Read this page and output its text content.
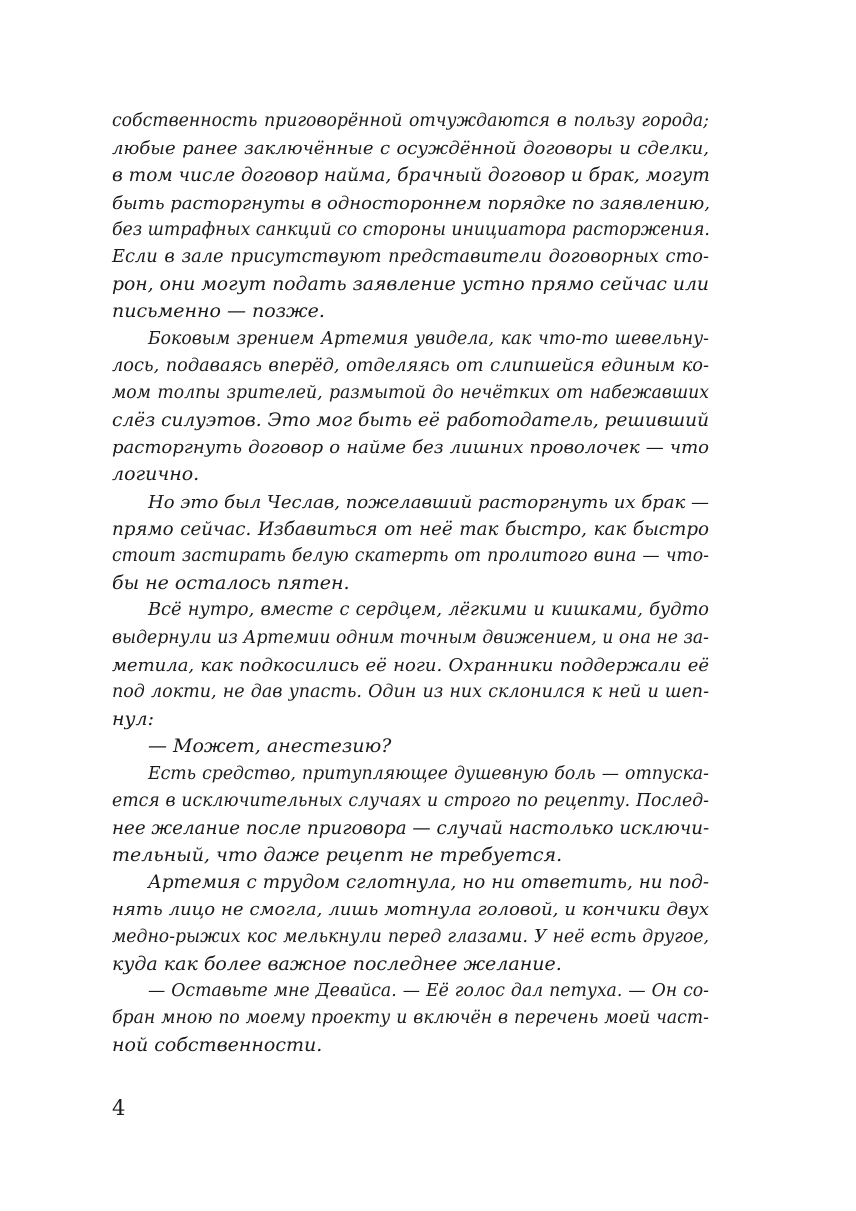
собственность приговорённой отчуждаются в пользу города;
любые ранее заключённые с осуждённой договоры и сделки,
в том числе договор найма, брачный договор и брак, могут
быть расторгнуты в одностороннем порядке по заявлению,
без штрафных санкций со стороны инициатора расторжения.
Если в зале присутствуют представители договорных сто-
рон, они могут подать заявление устно прямо сейчас или
письменно — позже.
Боковым зрением Артемия увидела, как что-то шевельну-
лось, подаваясь вперёд, отделяясь от слипшейся единым ко-
мом толпы зрителей, размытой до нечётких от набежавших
слёз силуэтов. Это мог быть её работодатель, решивший
расторгнуть договор о найме без лишних проволочек — что
логично.
Но это был Чеслав, пожелавший расторгнуть их брак —
прямо сейчас. Избавиться от неё так быстро, как быстро
стоит застирать белую скатерть от пролитого вина — что-
бы не осталось пятен.
Всё нутро, вместе с сердцем, лёгкими и кишками, будто
выдернули из Артемии одним точным движением, и она не за-
метила, как подкосились её ноги. Охранники поддержали её
под локти, не дав упасть. Один из них склонился к ней и шеп-
нул:
— Может, анестезию?
Есть средство, притупляющее душевную боль — отпуска-
ется в исключительных случаях и строго по рецепту. Послед-
нее желание после приговора — случай настолько исключи-
тельный, что даже рецепт не требуется.
Артемия с трудом сглотнула, но ни ответить, ни под-
нять лицо не смогла, лишь мотнула головой, и кончики двух
медно-рыжих кос мелькнули перед глазами. У неё есть другое,
куда как более важное последнее желание.
— Оставьте мне Девайса. — Её голос дал петуха. — Он со-
бран мною по моему проекту и включён в перечень моей част-
ной собственности.
4
